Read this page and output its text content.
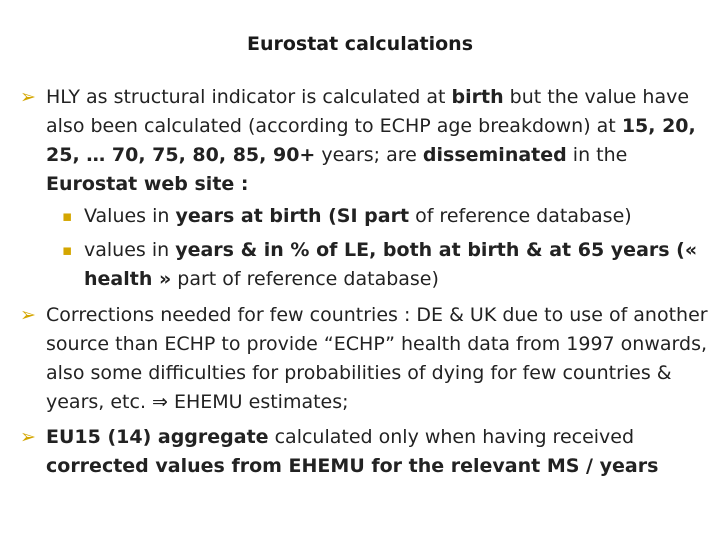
Eurostat calculations
➢ HLY as structural indicator is calculated at birth but the value have also been calculated (according to ECHP age breakdown) at 15, 20, 25, … 70, 75, 80, 85, 90+ years; are disseminated in the Eurostat web site :
▪ Values in years at birth (SI part of reference database)
▪ values in years & in % of LE, both at birth & at 65 years (« health » part of reference database)
➢ Corrections needed for few countries : DE & UK due to use of another source than ECHP to provide “ECHP” health data from 1997 onwards, also some difficulties for probabilities of dying for few countries & years, etc. ⇒ EHEMU estimates;
➢ EU15 (14) aggregate calculated only when having received corrected values from EHEMU for the relevant MS / years
